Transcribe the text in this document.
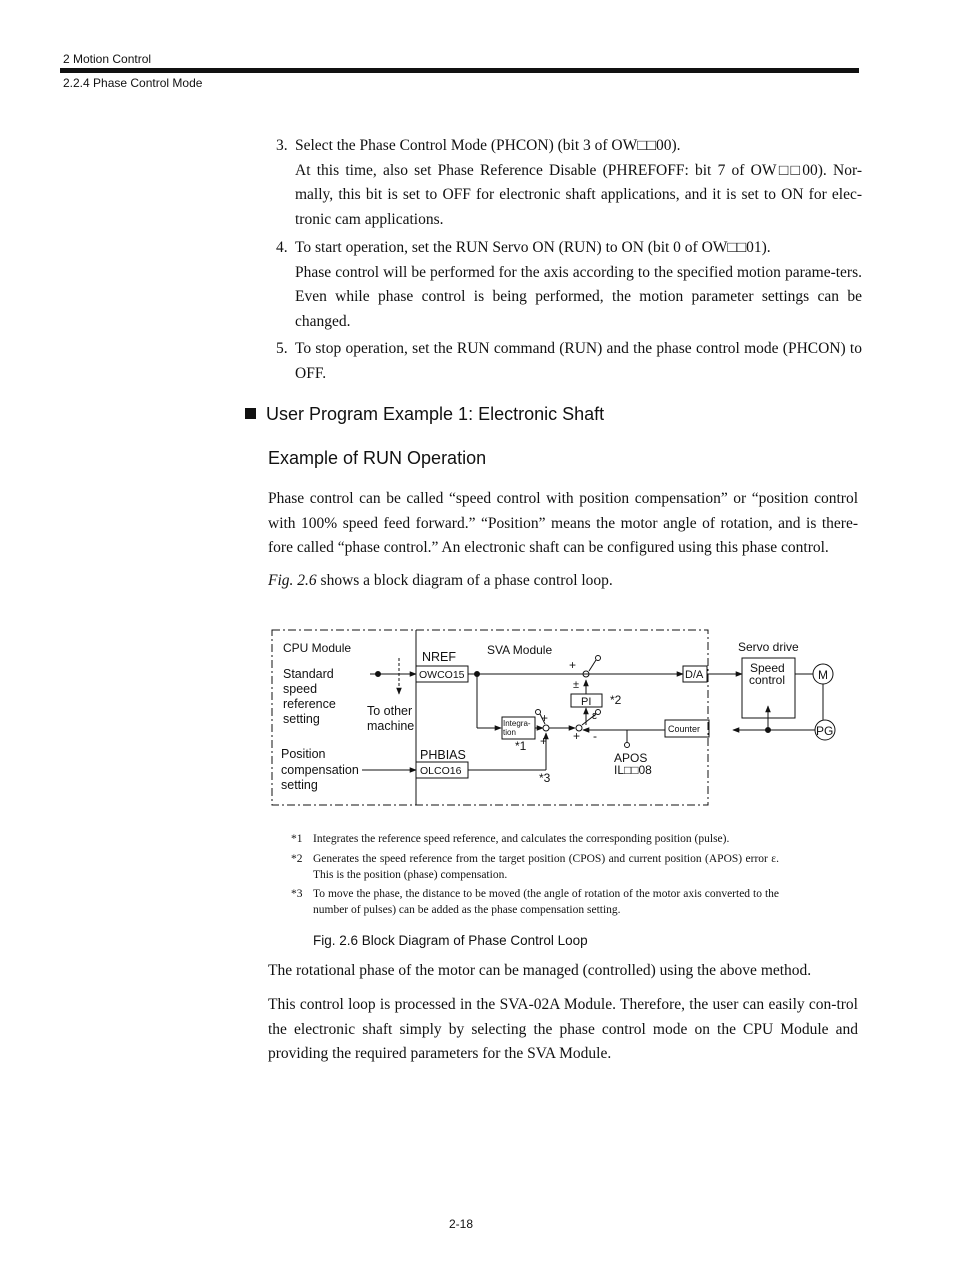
2 Motion Control
2.2.4 Phase Control Mode
3. Select the Phase Control Mode (PHCON) (bit 3 of OW□□00).
At this time, also set Phase Reference Disable (PHREFOFF: bit 7 of OW□□00). Nor-mally, this bit is set to OFF for electronic shaft applications, and it is set to ON for elec-tronic cam applications.
4. To start operation, set the RUN Servo ON (RUN) to ON (bit 0 of OW□□01).
Phase control will be performed for the axis according to the specified motion parame-ters. Even while phase control is being performed, the motion parameter settings can be changed.
5. To stop operation, set the RUN command (RUN) and the phase control mode (PHCON) to OFF.
User Program Example 1: Electronic Shaft
Example of RUN Operation
Phase control can be called “speed control with position compensation” or “position control with 100% speed feed forward.” “Position” means the motor angle of rotation, and is there-fore called “phase control.” An electronic shaft can be configured using this phase control.
Fig. 2.6 shows a block diagram of a phase control loop.
CPU Module
Standard
speed
reference
setting
To other
machine
Position
compensation
setting
NREF
OWCO15
PHBIAS
OLCO16
SVA Module
Integra-
tion
*1
*3
*2
+
+
+
±
PI
ε
+ -
D/A
Counter
APOS
IL□□08
Servo drive
Speed
control	M
PG
*1 Integrates the reference speed reference, and calculates the corresponding position (pulse).
*2 Generates the speed reference from the target position (CPOS) and current position (APOS) error ε. This is the position (phase) compensation.
*3 To move the phase, the distance to be moved (the angle of rotation of the motor axis converted to the number of pulses) can be added as the phase compensation setting.
Fig. 2.6 Block Diagram of Phase Control Loop
The rotational phase of the motor can be managed (controlled) using the above method.
This control loop is processed in the SVA-02A Module. Therefore, the user can easily con-trol the electronic shaft simply by selecting the phase control mode on the CPU Module and providing the required parameters for the SVA Module.
2-18
